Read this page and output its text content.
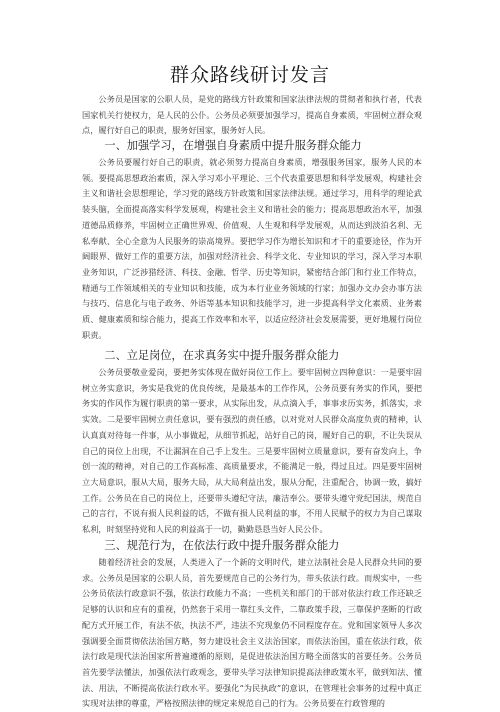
群众路线研讨发言
公务员是国家的公职人员，是党的路线方针政策和国家法律法规的贯彻者和执行者，代表国家机关行使权力，是人民的公仆。公务员必须要加强学习，提高自身素质，牢固树立群众观点，履行好自己的职责，服务好国家，服务好人民。
一、加强学习，在增强自身素质中提升服务群众能力
公务员要履行好自己的职责，就必须努力提高自身素质，增强服务国家，服务人民的本领。要提高思想政治素质，深入学习邓小平理论、三个代表重要思想和科学发展观，构建社会主义和谐社会思想理论，学习党的路线方针政策和国家法律法规。通过学习，用科学的理论武装头脑，全面提高落实科学发展观，构建社会主义和谐社会的能力；提高思想政治水平，加强道德品质修养，牢固树立正确世界观、价值观、人生观和科学发展观，从而达到淡泊名利、无私奉献、全心全意为人民服务的崇高境界。要把学习作为增长知识和才干的重要途径，作为开阔眼界、做好工作的重要方法，加强对经济社会、科学文化、专业知识的学习，深入学习本职业务知识，广泛涉猎经济、科技、金融、哲学、历史等知识，紧密结合部门和行业工作特点，精通与工作领域相关的专业知识和技能，成为本行业业务领域的行家；加强办文办会办事方法与技巧、信息化与电子政务、外语等基本知识和技能学习，进一步提高科学文化素质、业务素质、健康素质和综合能力，提高工作效率和水平，以适应经济社会发展需要，更好地履行岗位职责。
二、立足岗位，在求真务实中提升服务群众能力
公务员要敬业爱岗，要把务实体现在做好岗位工作上。要牢固树立四种意识：一是要牢固树立务实意识，务实是我党的优良传统，是最基本的工作作风，公务员要有务实的作风，要把务实的作风作为履行职责的第一要求，从实际出发，从点滴入手，事事求历实务，抓落实，求实效。二是要牢固树立责任意识，要有强烈的责任感，以对党对人民群众高度负责的精神，认认真真对待每一件事，从小事做起，从细节抓起，站好自己的岗，履好自己的职，不让失误从自己的岗位上出现，不让漏洞在自己手上发生。三是要牢固树立质量意识，要有奋发向上，争创一流的精神，对自己的工作高标准、高质量要求，不能满足一般，得过且过。四是要牢固树立大局意识，服从大局，服务大局，从大局利益出发，服从分配，注重配合，协调一致，搞好工作。公务员在自己的岗位上，还要带头遵纪守法，廉洁奉公。要带头遵守党纪国法，规范自己的言行，不说有损人民利益的话，不做有损人民利益的事，不用人民赋予的权力为自己谋取私利，时刻坚持党和人民的利益高于一切，勤勤恳恳当好人民公仆。
三、规范行为，在依法行政中提升服务群众能力
随着经济社会的发展，人类进入了一个新的文明时代，建立法制社会是人民群众共同的要求。公务员是国家的公职人员，首先要规范自己的公务行为，带头依法行政。而规实中，一些公务员依法行政意识不强，依法行政能力不高；一些机关和部门的干部对依法行政工作还缺乏足够的认识和应有的重视，仍然套于采用一靠红头文件，二靠政策手段，三靠保护垄断的行政配方式开展工作，有法不依，执法不严，违法不究现象仍不同程度存在。党和国家领导人多次强调要全面贯彻依法治国方略，努力建设社会主义法治国家，而依法治国，重在依法行政，依法行政是现代法治国家所普遍遵循的原则，是促进依法治国方略全面落实的首要任务。公务员首先要学法懂法，加强依法行政观念，要带头学习法律知识提高法律政策水平，做到知法、懂法、用法，不断提高依法行政水平。要强化“为民执政”的意识，在管理社会事务的过程中真正实现对法律的尊重，严格按照法律的规定来规范自己的行为。公务员要在行政管理的
